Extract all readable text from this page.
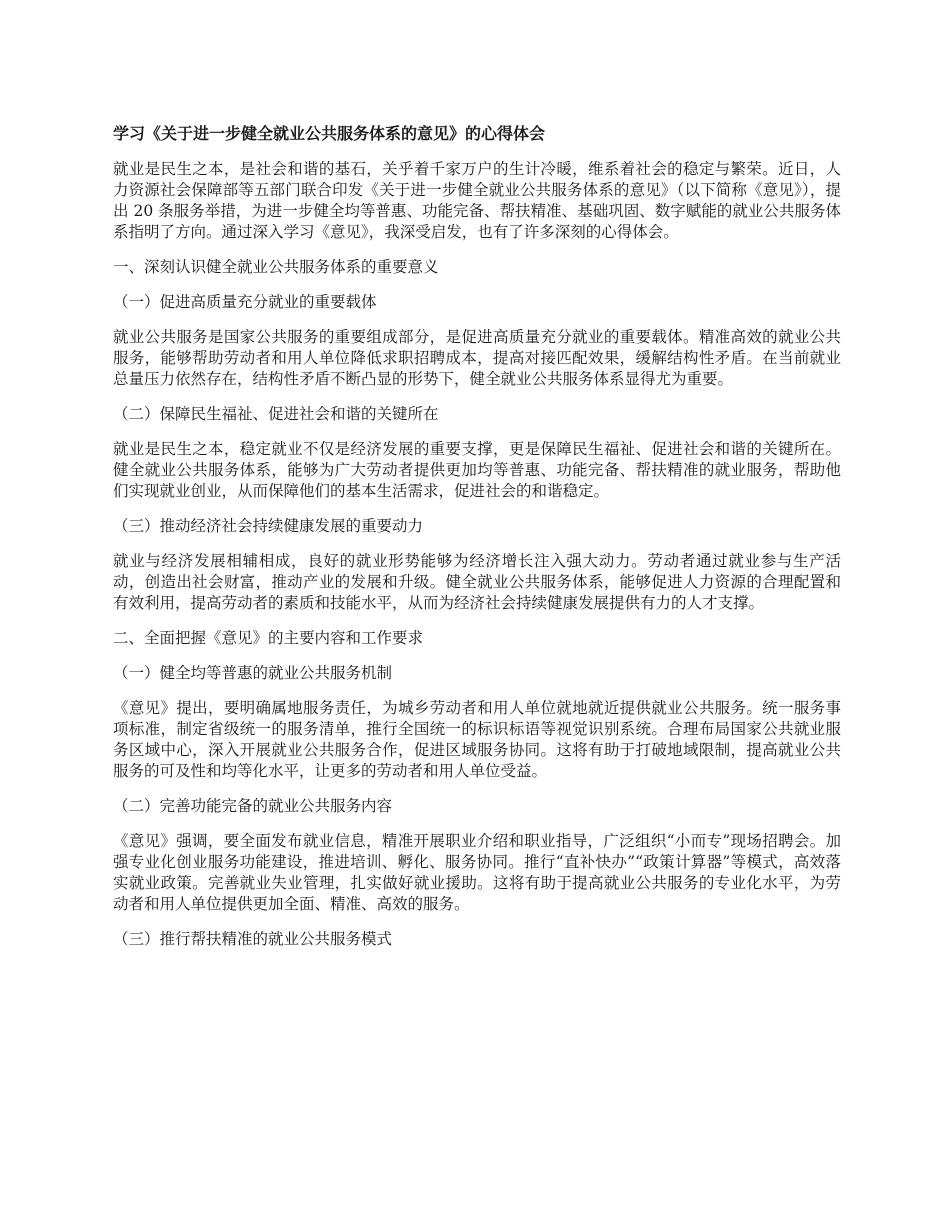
学习《关于进一步健全就业公共服务体系的意见》的心得体会
就业是民生之本，是社会和谐的基石，关乎着千家万户的生计冷暖，维系着社会的稳定与繁荣。近日，人力资源社会保障部等五部门联合印发《关于进一步健全就业公共服务体系的意见》（以下简称《意见》），提出 20 条服务举措，为进一步健全均等普惠、功能完备、帮扶精准、基础巩固、数字赋能的就业公共服务体系指明了方向。通过深入学习《意见》，我深受启发，也有了许多深刻的心得体会。
一、深刻认识健全就业公共服务体系的重要意义
（一）促进高质量充分就业的重要载体
就业公共服务是国家公共服务的重要组成部分，是促进高质量充分就业的重要载体。精准高效的就业公共服务，能够帮助劳动者和用人单位降低求职招聘成本，提高对接匹配效果，缓解结构性矛盾。在当前就业总量压力依然存在，结构性矛盾不断凸显的形势下，健全就业公共服务体系显得尤为重要。
（二）保障民生福祉、促进社会和谐的关键所在
就业是民生之本，稳定就业不仅是经济发展的重要支撑，更是保障民生福祉、促进社会和谐的关键所在。健全就业公共服务体系，能够为广大劳动者提供更加均等普惠、功能完备、帮扶精准的就业服务，帮助他们实现就业创业，从而保障他们的基本生活需求，促进社会的和谐稳定。
（三）推动经济社会持续健康发展的重要动力
就业与经济发展相辅相成，良好的就业形势能够为经济增长注入强大动力。劳动者通过就业参与生产活动，创造出社会财富，推动产业的发展和升级。健全就业公共服务体系，能够促进人力资源的合理配置和有效利用，提高劳动者的素质和技能水平，从而为经济社会持续健康发展提供有力的人才支撑。
二、全面把握《意见》的主要内容和工作要求
（一）健全均等普惠的就业公共服务机制
《意见》提出，要明确属地服务责任，为城乡劳动者和用人单位就地就近提供就业公共服务。统一服务事项标准，制定省级统一的服务清单，推行全国统一的标识标语等视觉识别系统。合理布局国家公共就业服务区域中心，深入开展就业公共服务合作，促进区域服务协同。这将有助于打破地域限制，提高就业公共服务的可及性和均等化水平，让更多的劳动者和用人单位受益。
（二）完善功能完备的就业公共服务内容
《意见》强调，要全面发布就业信息，精准开展职业介绍和职业指导，广泛组织“小而专”现场招聘会。加强专业化创业服务功能建设，推进培训、孵化、服务协同。推行“直补快办”“政策计算器”等模式，高效落实就业政策。完善就业失业管理，扎实做好就业援助。这将有助于提高就业公共服务的专业化水平，为劳动者和用人单位提供更加全面、精准、高效的服务。
（三）推行帮扶精准的就业公共服务模式
